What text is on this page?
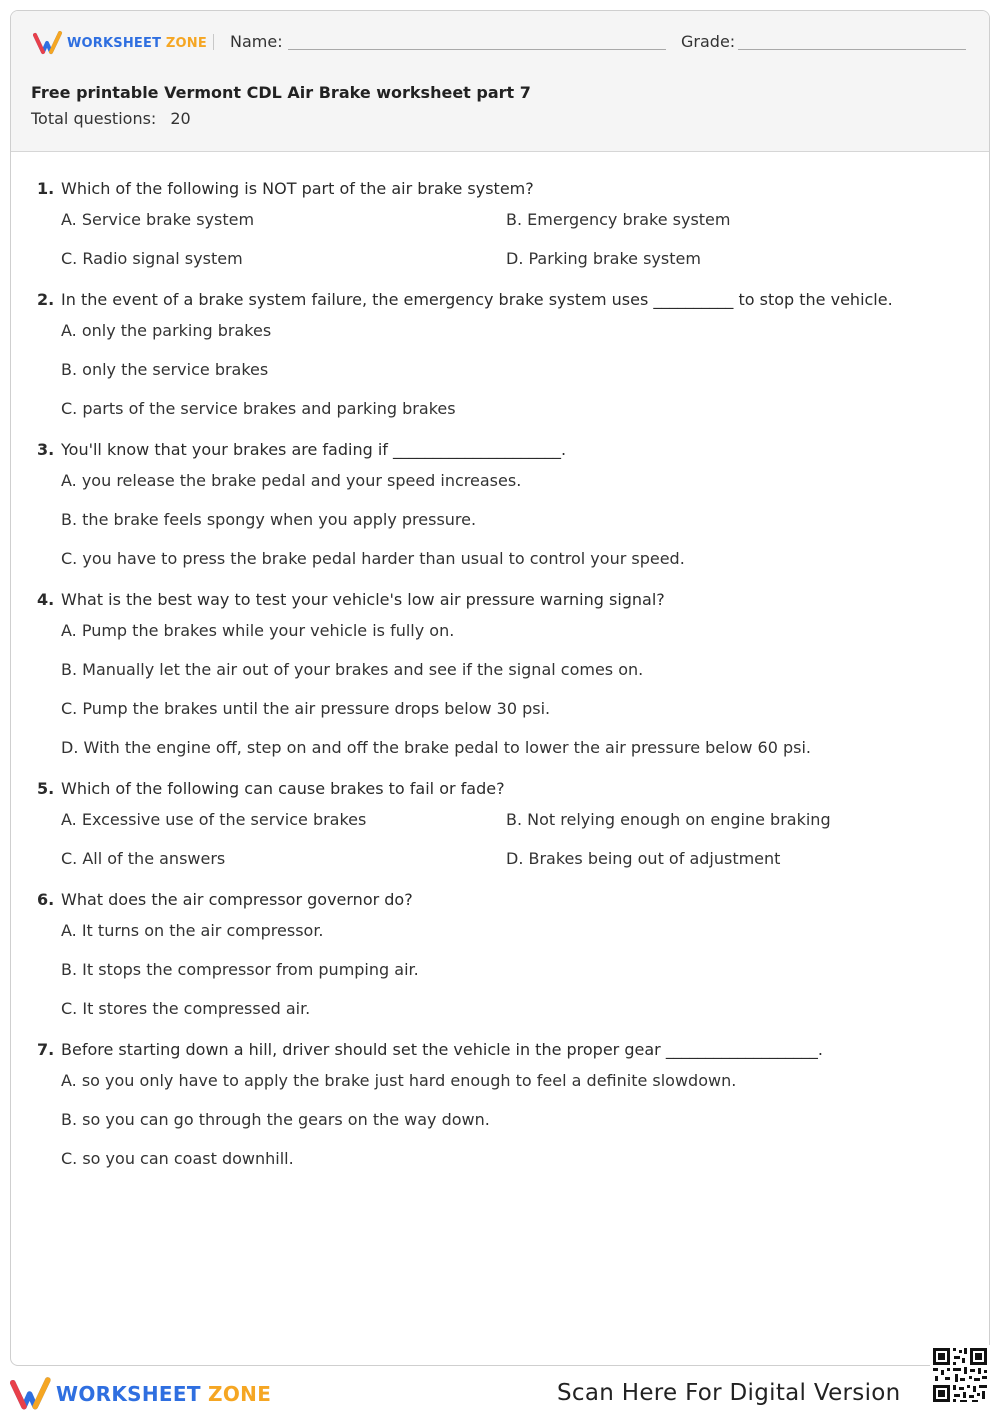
WORKSHEET ZONE Name:	Grade:
Free printable Vermont CDL Air Brake worksheet part 7
Total questions: 20
1. Which of the following is NOT part of the air brake system?
A. Service brake system	B. Emergency brake system
C. Radio signal system	D. Parking brake system
2. In the event of a brake system failure, the emergency brake system uses __________ to stop the vehicle.
A. only the parking brakes
B. only the service brakes
C. parts of the service brakes and parking brakes
3. You'll know that your brakes are fading if _____________________.
A. you release the brake pedal and your speed increases.
B. the brake feels spongy when you apply pressure.
C. you have to press the brake pedal harder than usual to control your speed.
4. What is the best way to test your vehicle's low air pressure warning signal?
A. Pump the brakes while your vehicle is fully on.
B. Manually let the air out of your brakes and see if the signal comes on.
C. Pump the brakes until the air pressure drops below 30 psi.
D. With the engine off, step on and off the brake pedal to lower the air pressure below 60 psi.
5. Which of the following can cause brakes to fail or fade?
A. Excessive use of the service brakes	B. Not relying enough on engine braking
C. All of the answers	D. Brakes being out of adjustment
6. What does the air compressor governor do?
A. It turns on the air compressor.
B. It stops the compressor from pumping air.
C. It stores the compressed air.
7. Before starting down a hill, driver should set the vehicle in the proper gear ___________________.
A. so you only have to apply the brake just hard enough to feel a definite slowdown.
B. so you can go through the gears on the way down.
C. so you can coast downhill.
WORKSHEET ZONE	Scan Here For Digital Version
